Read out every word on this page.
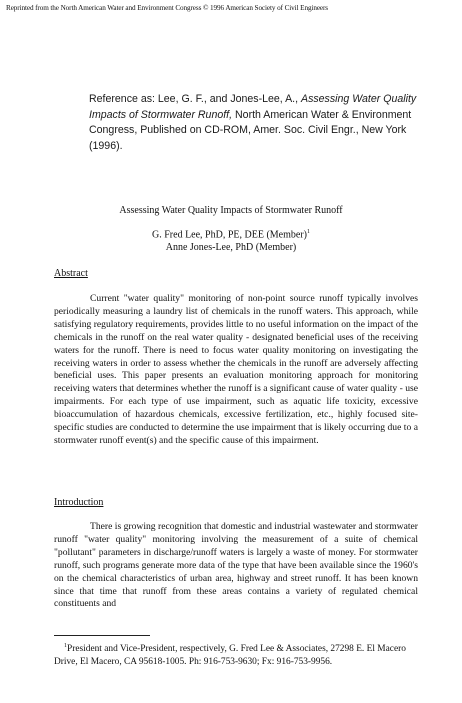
Reprinted from the North American Water and Environment Congress © 1996 American Society of Civil Engineers
Reference as: Lee, G. F., and Jones-Lee, A., Assessing Water Quality Impacts of Stormwater Runoff, North American Water & Environment Congress, Published on CD-ROM, Amer. Soc. Civil Engr., New York (1996).
Assessing Water Quality Impacts of Stormwater Runoff
G. Fred Lee, PhD, PE, DEE (Member)$^1$
Anne Jones-Lee, PhD (Member)
Abstract
Current "water quality" monitoring of non-point source runoff typically involves periodically measuring a laundry list of chemicals in the runoff waters. This approach, while satisfying regulatory requirements, provides little to no useful information on the impact of the chemicals in the runoff on the real water quality - designated beneficial uses of the receiving waters for the runoff. There is need to focus water quality monitoring on investigating the receiving waters in order to assess whether the chemicals in the runoff are adversely affecting beneficial uses. This paper presents an evaluation monitoring approach for monitoring receiving waters that determines whether the runoff is a significant cause of water quality - use impairments. For each type of use impairment, such as aquatic life toxicity, excessive bioaccumulation of hazardous chemicals, excessive fertilization, etc., highly focused site-specific studies are conducted to determine the use impairment that is likely occurring due to a stormwater runoff event(s) and the specific cause of this impairment.
Introduction
There is growing recognition that domestic and industrial wastewater and stormwater runoff "water quality" monitoring involving the measurement of a suite of chemical "pollutant" parameters in discharge/runoff waters is largely a waste of money. For stormwater runoff, such programs generate more data of the type that have been available since the 1960's on the chemical characteristics of urban area, highway and street runoff. It has been known since that time that runoff from these areas contains a variety of regulated chemical constituents and
$^1$President and Vice-President, respectively, G. Fred Lee & Associates, 27298 E. El Macero Drive, El Macero, CA 95618-1005. Ph: 916-753-9630; Fx: 916-753-9956.
